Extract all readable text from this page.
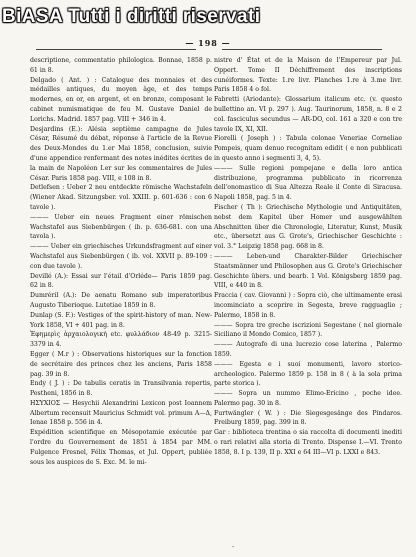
BiASA Tutti i diritti riservati
— 198 —

descriptione, commentatio philologica. Bonnae, 1858 p. 61 in 8.

Delgado ( Ant. ) : Catalogue des monnaies et des médailles antiques, du moyen âge, et des temps modernes, en or, en argent, et en bronze, composant le cabinet numismatique de feu M. Gustave Daniel de Lorichs. Madrid. 1857 pag. VIII + 346 in 4.

Desjardins (E.): Alésia septième campagne de Jules César, Résumé du débat, réponse à l'article de la Revue des Deux-Mondes du 1.er Mai 1858, conclusion, suivie d'une appendice renfermant des notes inédites écrites de la main de Napoléon I.er sur les commentaires de Jules César. Paris 1858 pag. VIII, e 108 in 8.

Detlefsen : Ueber 2 neu entdeckte römische Wachstafeln (Wiener Akad. Sitzungsber. vol. XXIII. p. 601-636 : con 6 tavole ).

——— Ueber ein neues Fragment einer römischen Wachstafel aus Siebenbürgen ( ib. p. 636-681. con una tavola ).

——— Ueber ein griechisches Urkundsfragment auf einer Wachstafel aus Siebenbürgen ( ib. vol. XXVII p. 89-109 : con due tavole ).

Devillé (A.): Essai sur l'étail d'Orléde— Paris 1859 pag. 62 in 8.

Dumréril (A.): De aenatu Romano sub imperatoribus Augusto Tiberioque. Lutetiae 1859 in 8.

Dunlap (S. F.): Vestiges of the spirit-history of man. New-York 1858, VI + 401 pag. in 8.

Ἐφημερὶς ἀρχαιολογική etc. φυλλάδιον 48-49 p. 3215-3379 in 4.

Egger ( M.r ) : Observations historiques sur la fonction de secrétaire des princes chez les anciens, Paris 1858 pag. 39 in 8.

Endy ( J. ) : De tabulis ceratis in Transilvania repertis, Pestheni, 1856 in 8.

ΗΣΥΧΙΟΣ — Hesychii Alexandrini Lexicon post Ioannem Albertum recensuit Mauricius Schmidt vol. primum A—Δ, Ienae 1858 p. 556 in 4.

Expédition scientifique en Mésopotamie exécutée par l'ordre du Gouvernement de 1851 à 1854 par MM. Fulgence Fresnel, Félix Thomas, et Jul. Oppert, publiée sous les auspices de S. Exc. M. le mi-

nistre d' État et de la Maison de l'Empereur par Jul. Oppert. Tome II Déchiffrement des inscriptions cunéiformes. Texte: 1.re livr. Planches 1.re à 3.me livr. Paris 1858 4 o fol.

Fabretti (Ariodante): Glossarium italicum etc. (v. questo bullettino an. VI p. 297 ). Aug. Taurinorum, 1858, n. 8 e 2 col. fasciculus secundus — AR-DO, col. 161 a 320 e con tre tavole IX, XI, XII.

Fiorelli ( Joseph ) : Tabula colonae Veneriae Corneliae Pompeis, quam denuo recognitam edidit ( e non pubblicati in questo anno i segmenti 3, 4, 5).

——— Sulle regioni pompejane e della loro antica distribuzione, programma pubblicato in ricorrenza dell'onomastico di Sua Altezza Reale il Conte di Siracusa. Napoli 1858, pag. 5 in 4.

Fischer ( Th ): Griechische Mythologie und Antiquitäten, nebst dem Kapitel über Homer und ausgewählten Abschnitten über die Chronologie, Literatur, Kunst, Musik etc., übersetzt aus G. Grote's, Griechischer Geschichte : vol. 3.° Leipzig 1858 pag. 668 in 8.

——— Leben-und Charakter-Bilder Griechischer Staatsmänner und Philosophen aus G. Grote's Griechischer Geschichte übers. und bearb. 1 Vol. Königsberg 1859 pag. VIII, e 440 in 8.

Fraccia ( cav. Giovanni ) : Sopra ciò, che ultimamente erasi incominciato a scoprire in Segesta, breve ragguaglio ; Palermo, 1858 in 8.

——— Sopra tre greche iscrizioni Segestane ( nel giornale Siciliano il Mondo Comico, 1857 ).

——— Autografo di una lucrezio cose laterina , Palermo 1859.

——— Egesta e i suoi monumenti, lavoro storico-archeologico. Palermo 1859 p. 158 in 8 ( à la sola prima parte storica ).

——— Sopra un nummo Elimo-Ericino , poche idee. Palermo pag. 30 in 8.

Furtwängler ( W. ) : Die Siegesgesänge des Pindaros. Freiburg 1859, pag. 399 in 8.

Gar : biblioteca trentina o sia raccolta di documenti inediti o rari relativi alla storia di Trento. Dispense I.—VI. Trento 1858, 8. I p. 139, II p. XXI e 64 III—VI p. LXXI e 843.

-
